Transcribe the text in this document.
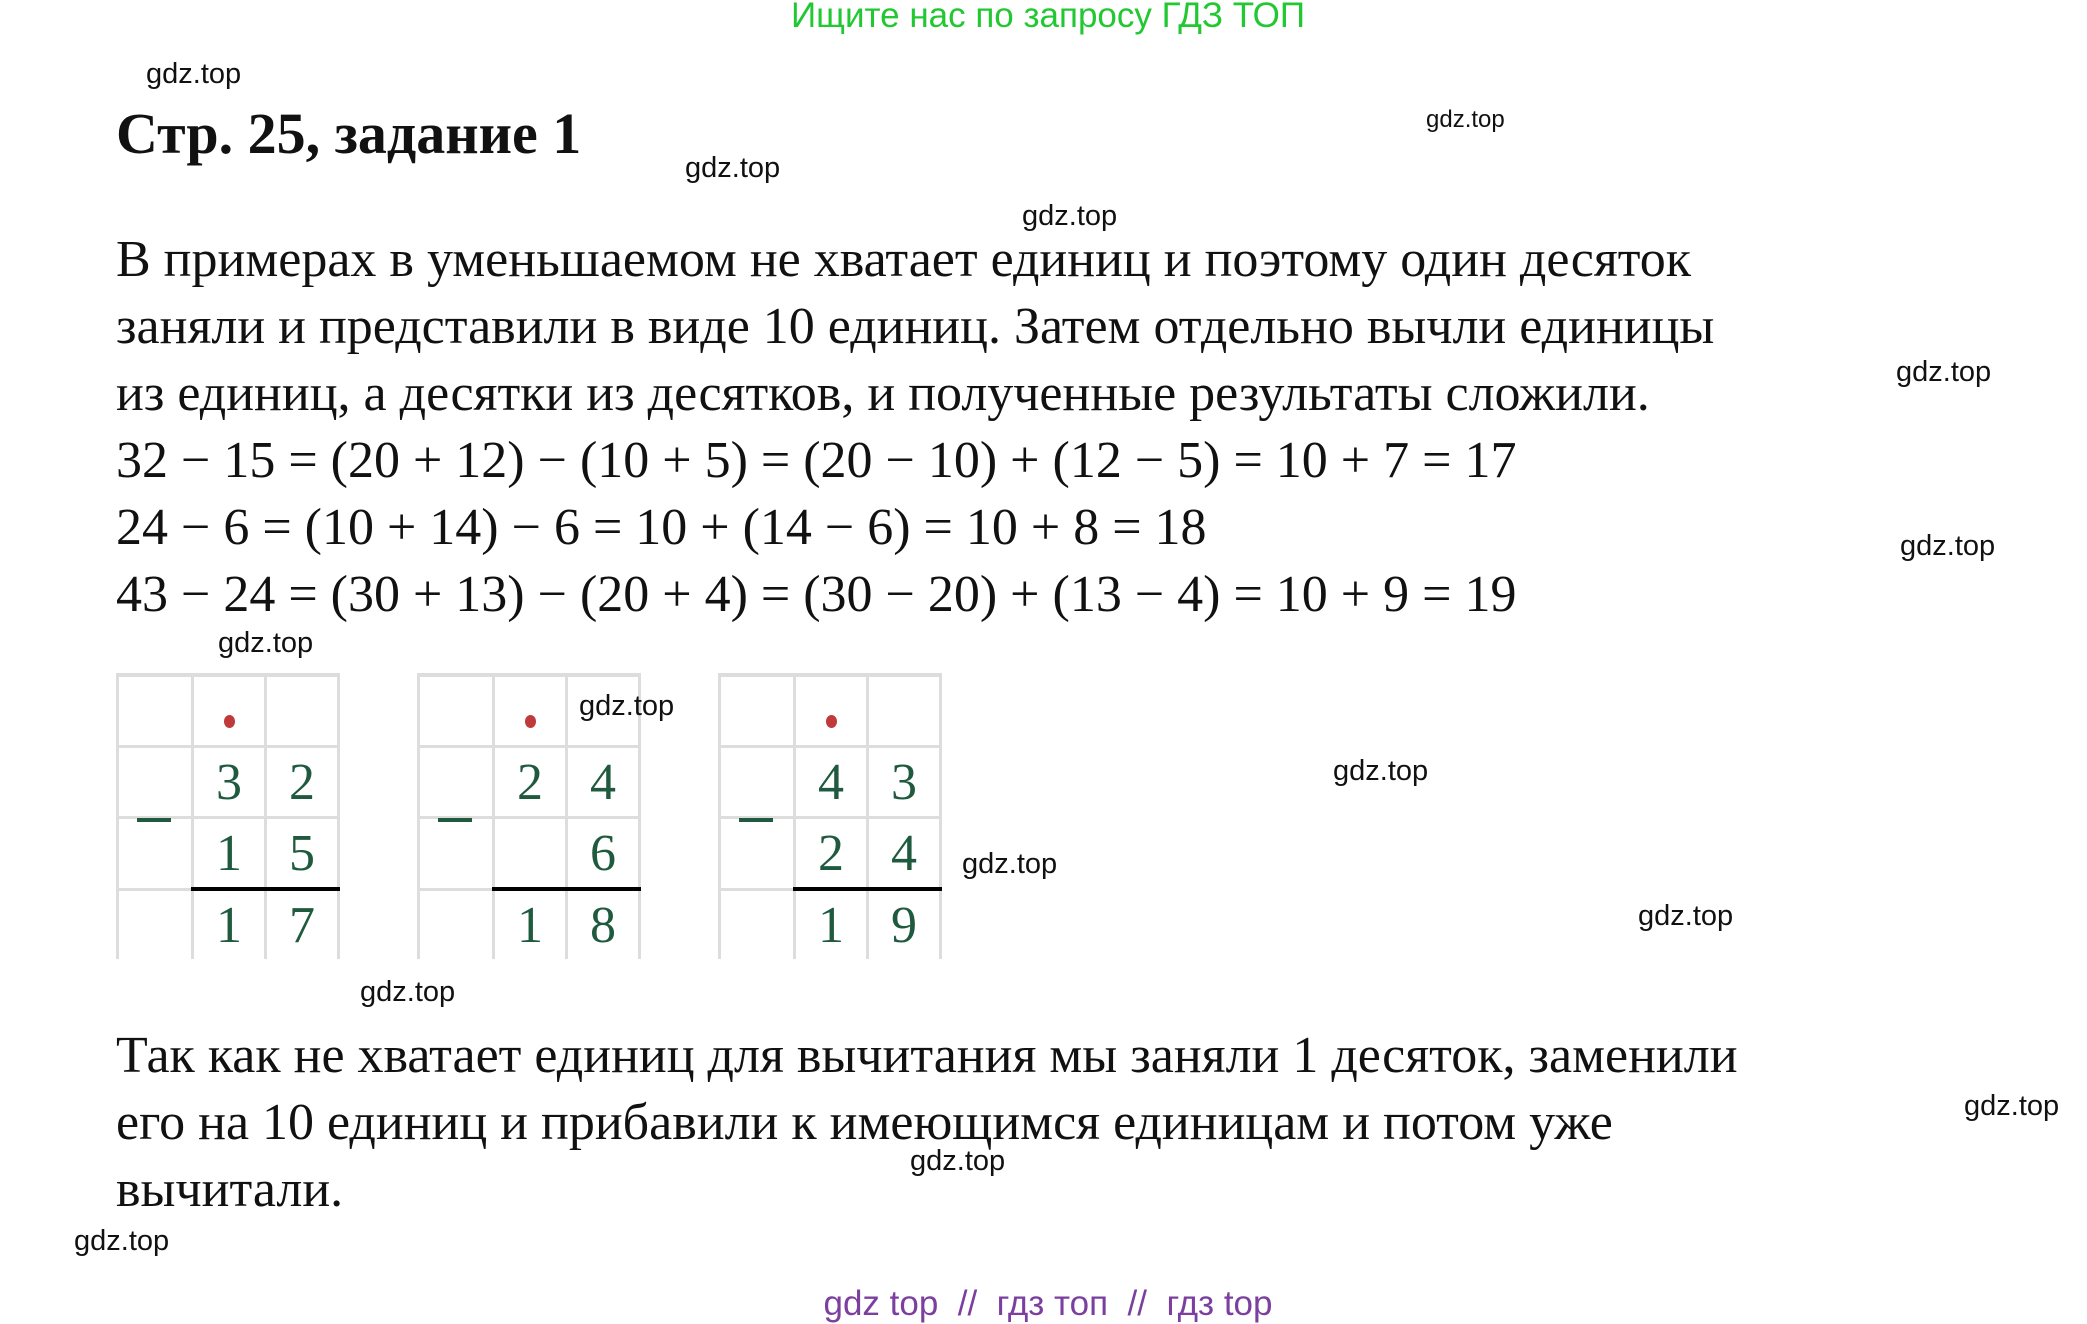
Ищите нас по запросу ГДЗ ТОП
Стр. 25, задание 1
В примерах в уменьшаемом не хватает единиц и поэтому один десяток
заняли и представили в виде 10 единиц. Затем отдельно вычли единицы
из единиц, а десятки из десятков, и полученные результаты сложили.
32 − 15 = (20 + 12) − (10 + 5) = (20 − 10) + (12 − 5) = 10 + 7 = 17
24 − 6 = (10 + 14) − 6 = 10 + (14 − 6) = 10 + 8 = 18
43 − 24 = (30 + 13) − (20 + 4) = (30 − 20) + (13 − 4) = 10 + 9 = 19

	3	2
	1	5
	1	7

	2	4
		6
	1	8

	4	3
	2	4
	1	9
Так как не хватает единиц для вычитания мы заняли 1 десяток, заменили
его на 10 единиц и прибавили к имеющимся единицам и потом уже
вычитали.
gdz.top
gdz.top
gdz.top
gdz.top
gdz.top
gdz.top
gdz.top
gdz.top
gdz.top
gdz.top
gdz.top
gdz.top
gdz.top
gdz.top
gdz.top
gdz top  //  гдз топ  //  гдз top
